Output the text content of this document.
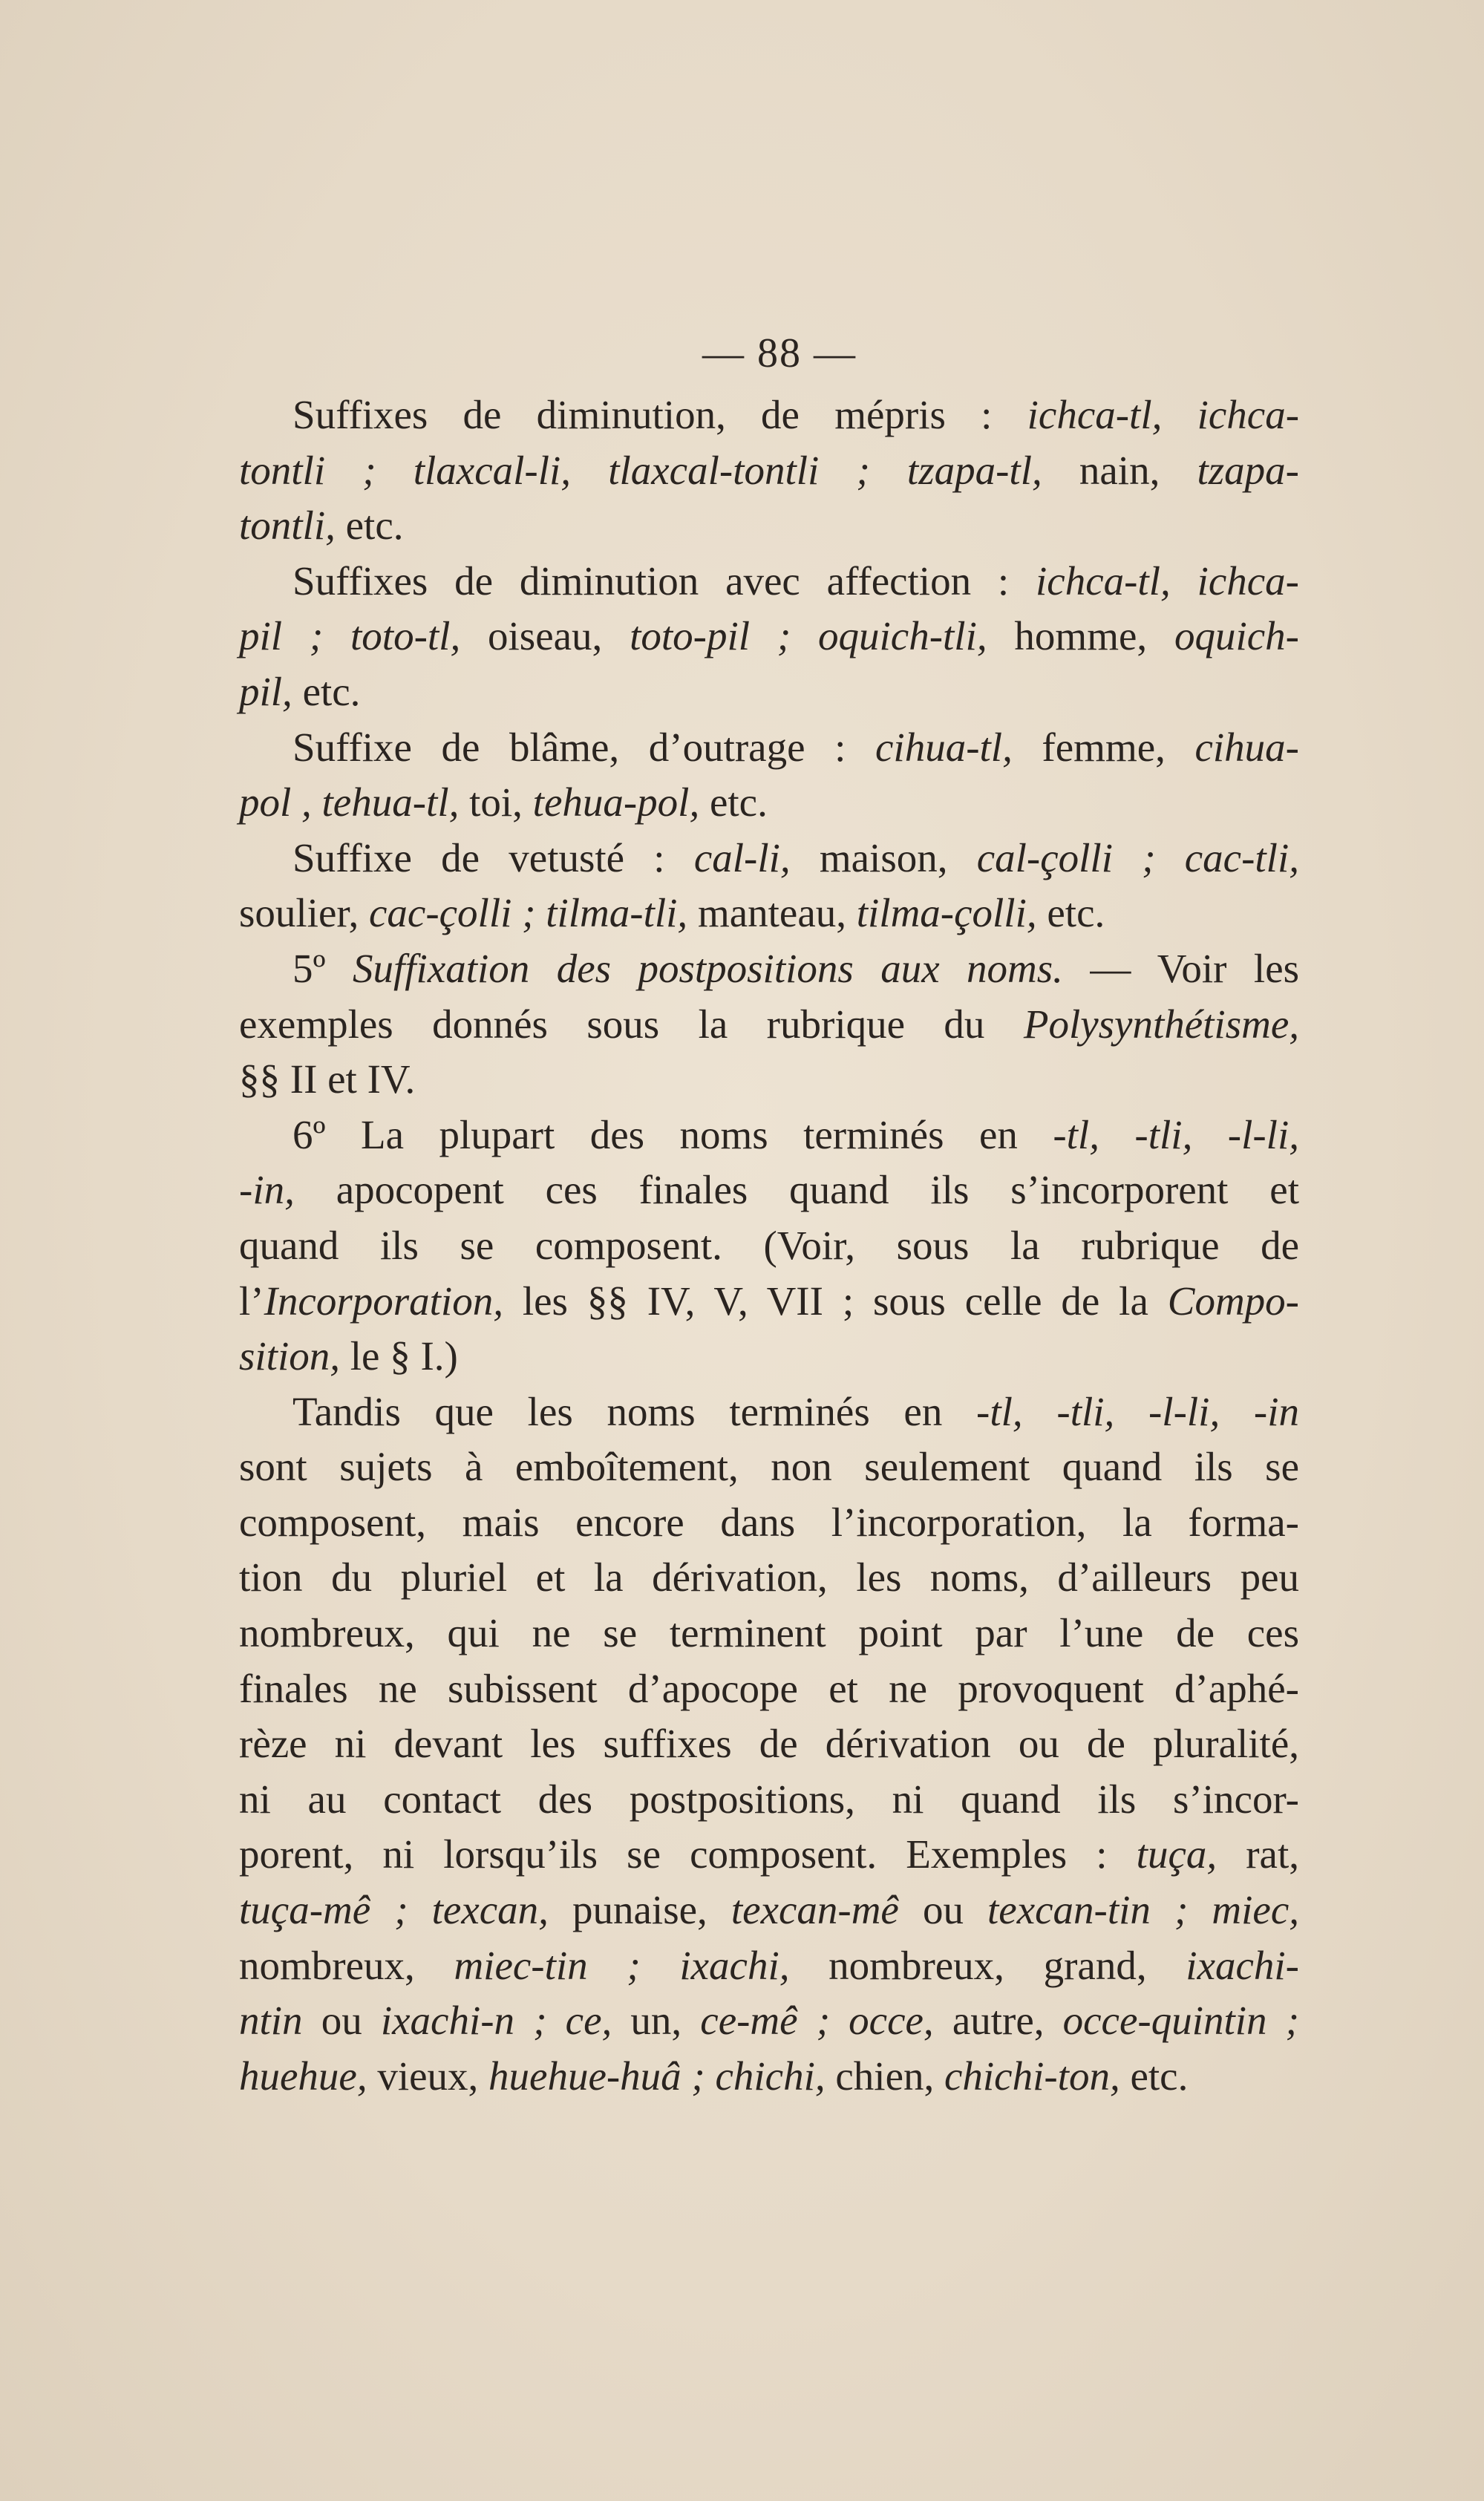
— 88 —
Suffixes de diminution, de mépris : ichca-tl, ichca-
tontli ; tlaxcal-li, tlaxcal-tontli ; tzapa-tl, nain, tzapa-
tontli, etc.
Suffixes de diminution avec affection : ichca-tl, ichca-
pil ; toto-tl, oiseau, toto-pil ; oquich-tli, homme, oquich-
pil, etc.
Suffixe de blâme, d’outrage : cihua-tl, femme, cihua-
pol , tehua-tl, toi, tehua-pol, etc.
Suffixe de vetusté : cal-li, maison, cal-çolli ; cac-tli,
soulier, cac-çolli ; tilma-tli, manteau, tilma-çolli, etc.
5º Suffixation des postpositions aux noms. — Voir les
exemples donnés sous la rubrique du Polysynthétisme,
§§ II et IV.
6º La plupart des noms terminés en -tl, -tli, -l-li,
-in, apocopent ces finales quand ils s’incorporent et
quand ils se composent. (Voir, sous la rubrique de
l’Incorporation, les §§ IV, V, VII ; sous celle de la Compo-
sition, le § I.)
Tandis que les noms terminés en -tl, -tli, -l-li, -in
sont sujets à emboîtement, non seulement quand ils se
composent, mais encore dans l’incorporation, la forma-
tion du pluriel et la dérivation, les noms, d’ailleurs peu
nombreux, qui ne se terminent point par l’une de ces
finales ne subissent d’apocope et ne provoquent d’aphé-
rèze ni devant les suffixes de dérivation ou de pluralité,
ni au contact des postpositions, ni quand ils s’incor-
porent, ni lorsqu’ils se composent. Exemples : tuça, rat,
tuça-mê ; texcan, punaise, texcan-mê ou texcan-tin ; miec,
nombreux, miec-tin ; ixachi, nombreux, grand, ixachi-
ntin ou ixachi-n ; ce, un, ce-mê ; occe, autre, occe-quintin ;
huehue, vieux, huehue-huâ ; chichi, chien, chichi-ton, etc.
